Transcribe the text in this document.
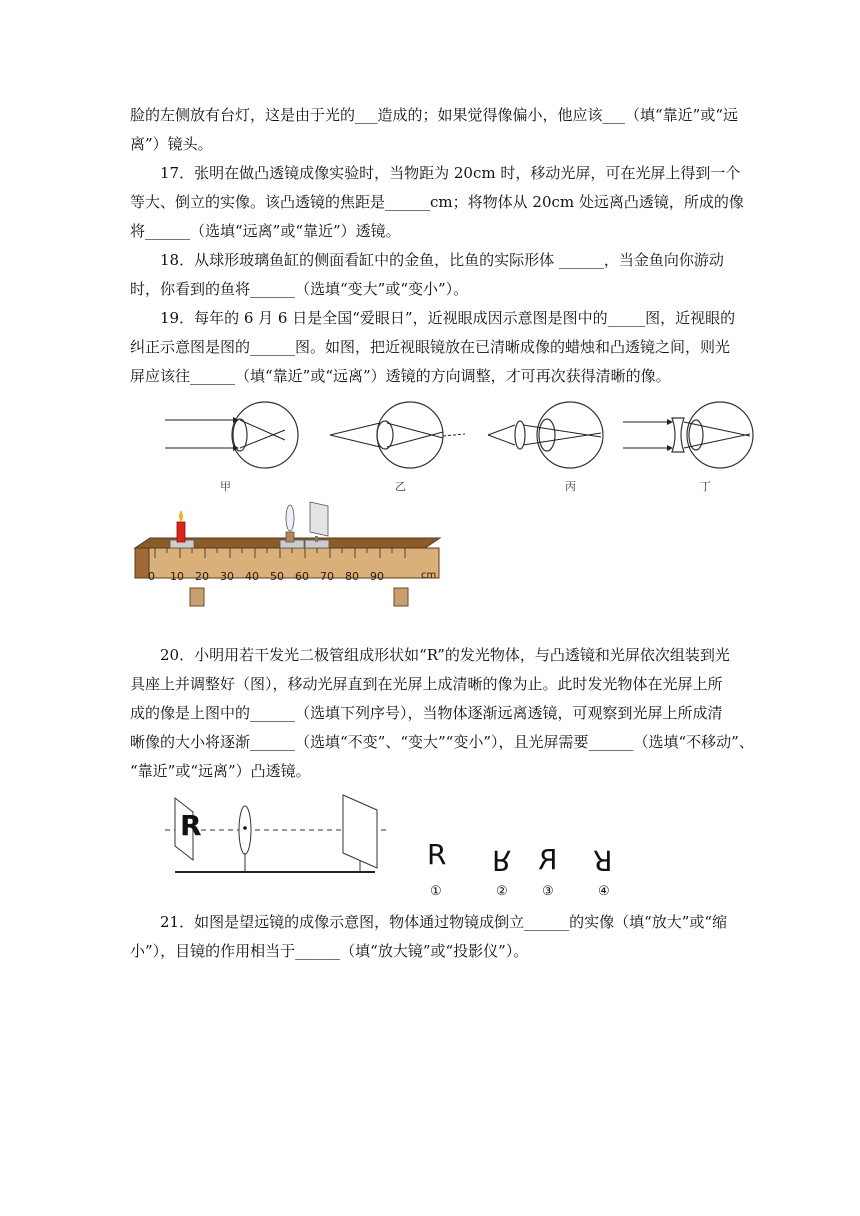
脸的左侧放有台灯，这是由于光的___造成的；如果觉得像偏小，他应该___（填“靠近”或“远
离”）镜头。
17．张明在做凸透镜成像实验时，当物距为 20cm 时，移动光屏，可在光屏上得到一个
等大、倒立的实像。该凸透镜的焦距是______cm；将物体从 20cm 处远离凸透镜，所成的像
将______（选填“远离”或“靠近”）透镜。
18．从球形玻璃鱼缸的侧面看缸中的金鱼，比鱼的实际形体 ______，当金鱼向你游动
时，你看到的鱼将______（选填“变大”或“变小”）。
19．每年的 6 月 6 日是全国“爱眼日”，近视眼成因示意图是图中的_____图，近视眼的
纠正示意图是图的______图。如图，把近视眼镜放在已清晰成像的蜡烛和凸透镜之间，则光
屏应该往______（填“靠近”或“远离”）透镜的方向调整，才可再次获得清晰的像。
甲	乙	丙	丁
0 10 20 30 40 50 60 70 80 90	cm
20．小明用若干发光二极管组成形状如“R”的发光物体，与凸透镜和光屏依次组装到光
具座上并调整好（图），移动光屏直到在光屏上成清晰的像为止。此时发光物体在光屏上所
成的像是上图中的______（选填下列序号），当物体逐渐远离透镜，可观察到光屏上所成清
晰像的大小将逐渐______（选填“不变”、“变大”“变小”），且光屏需要______（选填“不移动”、
“靠近”或“远离”）凸透镜。
R
R R R R
①	②	③	④
21．如图是望远镜的成像示意图，物体通过物镜成倒立______的实像（填“放大”或“缩
小”），目镜的作用相当于______（填“放大镜”或“投影仪”）。
